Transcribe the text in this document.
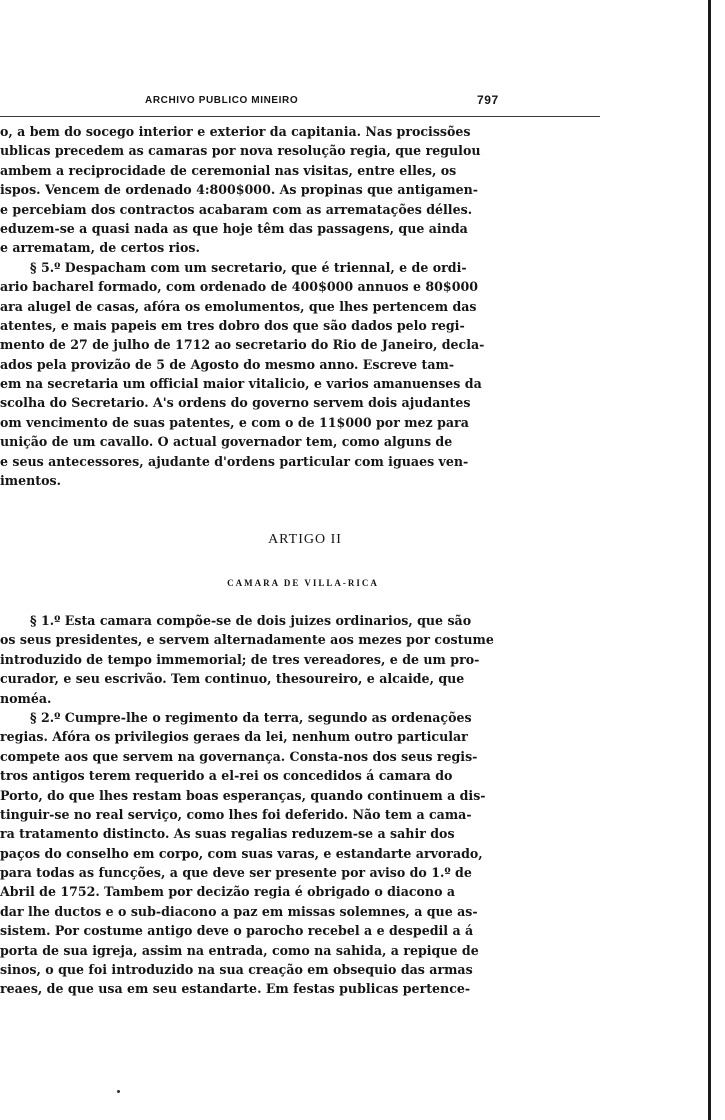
ARCHIVO PUBLICO MINEIRO	797
o, a bem do socego interior e exterior da capitania. Nas procissões
ublicas precedem as camaras por nova resolução regia, que regulou
ambem a reciprocidade de ceremonial nas visitas, entre elles, os
ispos. Vencem de ordenado 4:800$000. As propinas que antigamen-
e percebiam dos contractos acabaram com as arrematações délles.
eduzem-se a quasi nada as que hoje têm das passagens, que ainda
e arrematam, de certos rios.
§ 5.º Despacham com um secretario, que é triennal, e de ordi-
ario bacharel formado, com ordenado de 400$000 annuos e 80$000
ara alugel de casas, afóra os emolumentos, que lhes pertencem das
atentes, e mais papeis em tres dobro dos que são dados pelo regi-
mento de 27 de julho de 1712 ao secretario do Rio de Janeiro, decla-
ados pela provizão de 5 de Agosto do mesmo anno. Escreve tam-
em na secretaria um official maior vitalicio, e varios amanuenses da
scolha do Secretario. A's ordens do governo servem dois ajudantes
om vencimento de suas patentes, e com o de 11$000 por mez para
unição de um cavallo. O actual governador tem, como alguns de
e seus antecessores, ajudante d'ordens particular com iguaes ven-
imentos.
ARTIGO II
CAMARA DE VILLA-RICA
§ 1.º Esta camara compõe-se de dois juizes ordinarios, que são
os seus presidentes, e servem alternadamente aos mezes por costume
introduzido de tempo immemorial; de tres vereadores, e de um pro-
curador, e seu escrivão. Tem continuo, thesoureiro, e alcaide, que
noméa.
§ 2.º Cumpre-lhe o regimento da terra, segundo as ordenações
regias. Afóra os privilegios geraes da lei, nenhum outro particular
compete aos que servem na governança. Consta-nos dos seus regis-
tros antigos terem requerido a el-rei os concedidos á camara do
Porto, do que lhes restam boas esperanças, quando continuem a dis-
tinguir-se no real serviço, como lhes foi deferido. Não tem a cama-
ra tratamento distincto. As suas regalias reduzem-se a sahir dos
paços do conselho em corpo, com suas varas, e estandarte arvorado,
para todas as funcções, a que deve ser presente por aviso do 1.º de
Abril de 1752. Tambem por decizão regia é obrigado o diacono a
dar lhe ductos e o sub-diacono a paz em missas solemnes, a que as-
sistem. Por costume antigo deve o parocho recebel a e despedil a á
porta de sua igreja, assim na entrada, como na sahida, a repique de
sinos, o que foi introduzido na sua creação em obsequio das armas
reaes, de que usa em seu estandarte. Em festas publicas pertence-
